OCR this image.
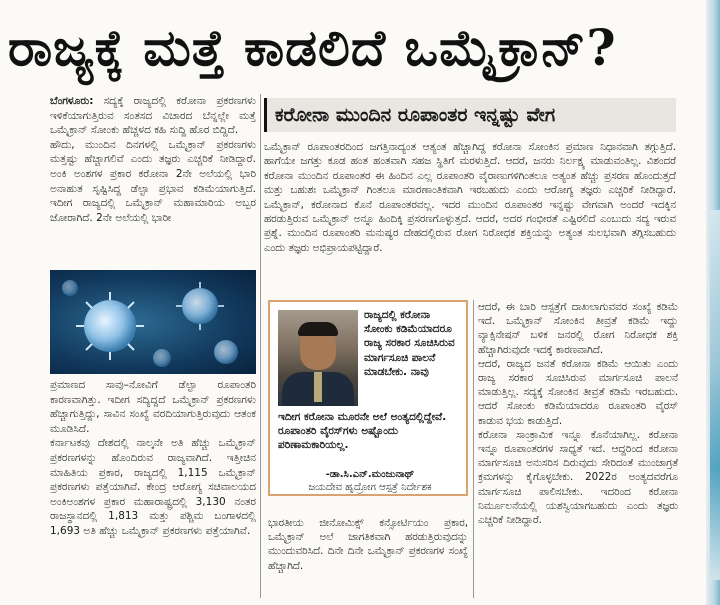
ರಾಜ್ಯಕ್ಕೆ ಮತ್ತೆ ಕಾಡಲಿದೆ ಒಮೈಕ್ರಾನ್?

ಬೆಂಗಳೂರು: ಸದ್ಯಕ್ಕೆ ರಾಜ್ಯದಲ್ಲಿ ಕರೋನಾ ಪ್ರಕರಣಗಳು ಇಳಿಕೆಯಾಗುತ್ತಿರುವ ಸಂತಸದ ವಿಚಾರದ ಬೆನ್ನಲ್ಲೇ ಮತ್ತೆ ಒಮೈಕ್ರಾನ್ ಸೋಂಕು ಹೆಚ್ಚಳದ ಕಹಿ ಸುದ್ದಿ ಹೊರ ಬಿದ್ದಿದೆ.

ಹೌದು, ಮುಂದಿನ ದಿನಗಳಲ್ಲಿ ಒಮೈಕ್ರಾನ್ ಪ್ರಕರಣಗಳು ಮತ್ತಷ್ಟು ಹೆಚ್ಚಾಗಲಿವೆ ಎಂದು ತಜ್ಞರು ಎಚ್ಚರಿಕೆ ನೀಡಿದ್ದಾರೆ. ಅಂಕಿ ಅಂಶಗಳ ಪ್ರಕಾರ ಕರೋನಾ 2ನೇ ಅಲೆಯಲ್ಲಿ ಭಾರಿ ಅನಾಹುತ ಸೃಷ್ಟಿಸಿದ್ದ ಡೆಲ್ಟಾ ಪ್ರಭಾವ ಕಡಿಮೆಯಾಗುತ್ತಿದೆ. ಇದೀಗ ರಾಜ್ಯದಲ್ಲಿ ಒಮೈಕ್ರಾನ್ ಮಹಾಮಾರಿಯ ಅಬ್ಬರ ಜೋರಾಗಿದೆ. 2ನೇ ಅಲೆಯಲ್ಲಿ ಭಾರೀ

ಪ್ರಮಾಣದ ಸಾವು–ನೋವಿಗೆ ಡೆಲ್ಟಾ ರೂಪಾಂತರಿ ಕಾರಣವಾಗಿತ್ತು. ಇದೀಗ ಸದ್ಯಿದ್ದದೆ ಒಮೈಕ್ರಾನ್ ಪ್ರಕರಣಗಳು ಹೆಚ್ಚಾಗುತ್ತಿದ್ದು, ಸಾವಿನ ಸಂಖ್ಯೆ ವರದಿಯಾಗುತ್ತಿರುವುದು ಆತಂಕ ಮೂಡಿಸಿದೆ.

ಕರ್ನಾಟಕವು ದೇಶದಲ್ಲಿ ನಾಲ್ಕನೇ ಅತಿ ಹೆಚ್ಚು ಒಮೈಕ್ರಾನ್ ಪ್ರಕರಣಗಳನ್ನು ಹೊಂದಿರುವ ರಾಜ್ಯವಾಗಿದೆ. ಇತ್ತೀಚಿನ ಮಾಹಿತಿಯ ಪ್ರಕಾರ, ರಾಜ್ಯದಲ್ಲಿ 1,115 ಒಮೈಕ್ರಾನ್ ಪ್ರಕರಣಗಳು ಪತ್ತೆಯಾಗಿವೆ. ಕೇಂದ್ರ ಆರೋಗ್ಯ ಸಚಿವಾಲಯದ ಅಂಕಿಅಂಶಗಳ ಪ್ರಕಾರ ಮಹಾರಾಷ್ಟ್ರದಲ್ಲಿ 3,130 ನಂತರ ರಾಜಸ್ಥಾನದಲ್ಲಿ 1,813 ಮತ್ತು ಪಶ್ಚಿಮ ಬಂಗಾಳದಲ್ಲಿ 1,693 ಅತಿ ಹೆಚ್ಚು ಒಮೈಕ್ರಾನ್ ಪ್ರಕರಣಗಳು ಪತ್ತೆಯಾಗಿವೆ.

ಕರೋನಾ ಮುಂದಿನ ರೂಪಾಂತರ ಇನ್ನಷ್ಟು ವೇಗ
ಒಮೈಕ್ರಾನ್ ರೂಪಾಂತರದಿಂದ ಜಗತ್ತಿನಾದ್ಯಂತ ಆತ್ಯಂತ ಹೆಚ್ಚಾಗಿದ್ದ ಕರೋನಾ ಸೋಂಕಿನ ಪ್ರಮಾಣ ನಿಧಾನವಾಗಿ ತಗ್ಗುತ್ತಿದೆ. ಹಾಗೆಯೇ ಜಗತ್ತು ಕೂಡ ಹಂತ ಹಂತವಾಗಿ ಸಹಜ ಸ್ಥಿತಿಗೆ ಮರಳುತ್ತಿದೆ. ಆದರೆ, ಜನರು ನಿರ್ಲಕ್ಷ್ಯ ಮಾಡುವಂತಿಲ್ಲ. ವಿಶಂದರೆ ಕರೋನಾ ಮುಂದಿನ ರೂಪಾಂತರ ಈ ಹಿಂದಿನ ಎಲ್ಲ ರೂಪಾಂತರಿ ವೈರಾಣುಗಳಿಗಿಂತಲೂ ಅತ್ಯಂತ ಹೆಚ್ಚು ಪ್ರಸರಣ ಹೊಂದುತ್ತದೆ ಮತ್ತು ಬಹುಶಃ ಒಮೈಕ್ರಾನ್ ಗಿಂತಲೂ ಮಾರಣಾಂತಿಕವಾಗಿ ಇರಬಹುದು ಎಂದು ಆರೋಗ್ಯ ತಜ್ಞರು ಎಚ್ಚರಿಕೆ ನೀಡಿದ್ದಾರೆ. ಒಮೈಕ್ರಾನ್, ಕರೋನಾದ ಕೊನೆ ರೂಪಾಂತರವಲ್ಲ. ಇದರ ಮುಂದಿನ ರೂಪಾಂತರ ಇನ್ನಷ್ಟು ವೇಗವಾಗಿ ಅಂದರೆ ಇದಕ್ಕಿನ ಹರಡುತ್ತಿರುವ ಒಮೈಕ್ರಾನ್ ಅನ್ನೂ ಹಿಂದಿಕ್ಕಿ ಪ್ರಸರಣಗೊಳ್ಳುತ್ತದೆ. ಆದರೆ, ಅದರ ಗಂಭೀರತೆ ಎಷ್ಟಿರಲಿದೆ ಎಂಬುದು ಸದ್ಯ ಇರುವ ಪ್ರಶ್ನೆ. ಮುಂದಿನ ರೂಪಾಂತರಿ ಮನುಷ್ಯರ ದೇಹದಲ್ಲಿರುವ ರೋಗ ನಿರೋಧಕ ಶಕ್ತಿಯನ್ನು ಅತ್ಯಂತ ಸುಲಭವಾಗಿ ತಗ್ಗಿಸಬಹುದು ಎಂದು ತಜ್ಞರು ಅಭಿಪ್ರಾಯಪಟ್ಟಿದ್ದಾರೆ.
ರಾಜ್ಯದಲ್ಲಿ ಕರೋನಾ ಸೋಂಕು ಕಡಿಮೆಯಾದರೂ ರಾಜ್ಯ ಸರಕಾರ ಸೂಚಿಸಿರುವ ಮಾರ್ಗಸೂಚಿ ಪಾಲನೆ ಮಾಡಬೇಕು. ನಾವು
ಇದೀಗ ಕರೋನಾ ಮೂರನೇ ಅಲೆ ಅಂತ್ಯದಲ್ಲಿದ್ದೇವೆ. ರೂಪಾಂತರಿ ವೈರಸ್‌ಗಳು ಅಷ್ಟೊಂದು ಪರಿಣಾಮಕಾರಿಯಲ್ಲ.
-ಡಾ.ಸಿ.ಎನ್.ಮಂಜುನಾಥ್
ಜಯದೇವ ಹೃದ್ರೋಗ ಆಸ್ಪತ್ರೆ ನಿರ್ದೇಶಕ
ಭಾರತೀಯ ಜೀನೋಮಿಕ್ಸ್ ಕನ್ಸೋರ್ಟಿಯಂ ಪ್ರಕಾರ, ಒಮೈಕ್ರಾನ್ ಅಲೆ ಜಾಗತಿಕವಾಗಿ ಹರಡುತ್ತಿರುವುದನ್ನು ಮುಂದುವರಿಸಿದೆ. ದಿನೇ ದಿನೇ ಒಮೈಕ್ರಾನ್ ಪ್ರಕರಣಗಳ ಸಂಖ್ಯೆ ಹೆಚ್ಚಾಗಿದೆ.

ಆದರೆ, ಈ ಬಾರಿ ಆಸ್ಪತ್ರೆಗೆ ದಾಖಲಾಗುವವರ ಸಂಖ್ಯೆ ಕಡಿಮೆ ಇದೆ. ಒಮೈಕ್ರಾನ್ ಸೋಂಕಿನ ತೀವ್ರತೆ ಕಡಿಮೆ ಇದ್ದು ವ್ಯಾಕ್ಸಿನೇಷನ್ ಬಳಿಕ ಜನರಲ್ಲಿ ರೋಗ ನಿರೋಧಕ ಶಕ್ತಿ ಹೆಚ್ಚಾಗಿರುವುದೇ ಇದಕ್ಕೆ ಕಾರಣವಾಗಿದೆ.

ಆದರೆ, ರಾಜ್ಯದ ಜನತೆ ಕರೋನಾ ಕಡಿಮೆ ಆಯಿತು ಎಂದು ರಾಜ್ಯ ಸರಕಾರ ಸೂಚಿಸಿರುವ ಮಾರ್ಗಸೂಚಿ ಪಾಲನೆ ಮಾಡುತ್ತಿಲ್ಲ. ಸದ್ಯಕ್ಕೆ ಸೋಂಕಿನ ತೀವ್ರತೆ ಕಡಿಮೆ ಇರಬಹುದು. ಆದರೆ ಸೋಂಕು ಕಡಿಮೆಯಾದರೂ ರೂಪಾಂತರಿ ವೈರಸ್ ಕಾಡುವ ಭಯ ಕಾಡುತ್ತಿದೆ.

ಕರೋನಾ ಸಾಂಕ್ರಾಮಿಕ ಇನ್ನೂ ಕೊನೆಯಾಗಿಲ್ಲ. ಕರೋನಾ ಇನ್ನೂ ರೂಪಾಂತರಗಳ ಸಾಧ್ಯತೆ ಇದೆ. ಆದ್ದರಿಂದ ಕರೋನಾ ಮಾರ್ಗಸೂಚಿ ಅನುಸರಿಸ ದಿರುವುದು ಸೇರಿದಂತೆ ಮುಂಜಾಗ್ರತೆ ಕ್ರಮಗಳನ್ನು ಕೈಗೊಳ್ಳಬೇಕು. 2022ರ ಅಂತ್ಯದವರೆಗೂ ಮಾರ್ಗಸೂಚಿ ಪಾಲಿಸಬೇಕು. ಇದರಿಂದ ಕರೋನಾ ನಿರ್ಮೂಲನೆಯಲ್ಲಿ ಯಶಸ್ವಿಯಾಗಬಹುದು ಎಂದು ತಜ್ಞರು ಎಚ್ಚರಿಕೆ ನೀಡಿದ್ದಾರೆ.
